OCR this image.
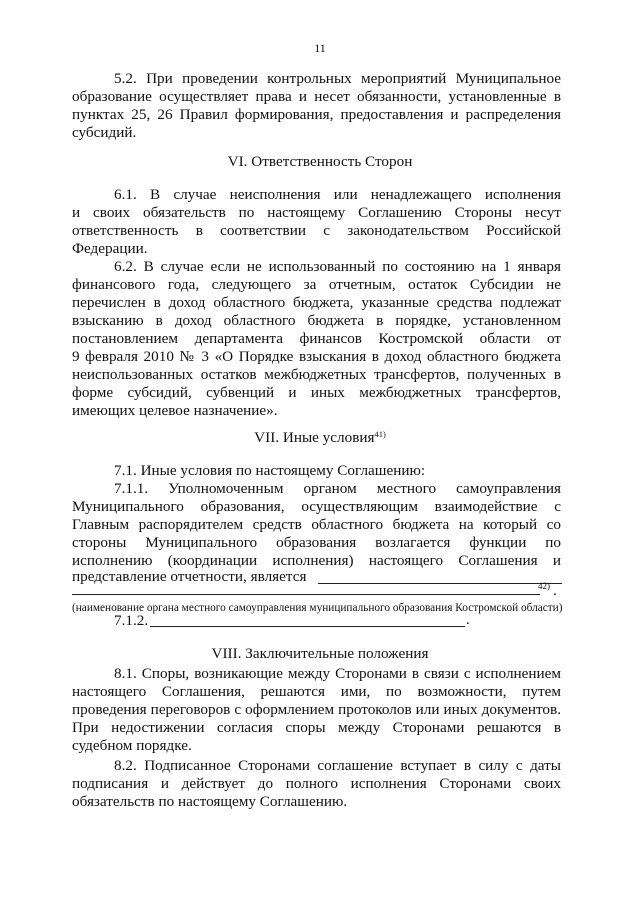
11
5.2. При проведении контрольных мероприятий Муниципальное
образование осуществляет права и несет обязанности, установленные в
пунктах 25, 26 Правил формирования, предоставления и распределения
субсидий.
VI. Ответственность Сторон
6.1. В случае неисполнения или ненадлежащего исполнения
и своих обязательств по настоящему Соглашению Стороны несут
ответственность в соответствии с законодательством Российской
Федерации.
6.2. В случае если не использованный по состоянию на 1 января
финансового года, следующего за отчетным, остаток Субсидии не
перечислен в доход областного бюджета, указанные средства подлежат
взысканию в доход областного бюджета в порядке, установленном
постановлением департамента финансов Костромской области от
9 февраля 2010 № 3 «О Порядке взыскания в доход областного бюджета
неиспользованных остатков межбюджетных трансфертов, полученных в
форме субсидий, субвенций и иных межбюджетных трансфертов,
имеющих целевое назначение».
VII. Иные условия$^{41)}$
7.1. Иные условия по настоящему Соглашению:
7.1.1. Уполномоченным органом местного самоуправления
Муниципального образования, осуществляющим взаимодействие с
Главным распорядителем средств областного бюджета на который со
стороны Муниципального образования возлагается функции по
исполнению (координации исполнения) настоящего Соглашения и
представление отчетности, является
42) .
(наименование органа местного самоуправления муниципального образования Костромской области)
7.1.2.	.
VIII. Заключительные положения
8.1. Споры, возникающие между Сторонами в связи с исполнением
настоящего Соглашения, решаются ими, по возможности, путем
проведения переговоров с оформлением протоколов или иных документов.
При недостижении согласия споры между Сторонами решаются в
судебном порядке.
8.2. Подписанное Сторонами соглашение вступает в силу с даты
подписания и действует до полного исполнения Сторонами своих
обязательств по настоящему Соглашению.
